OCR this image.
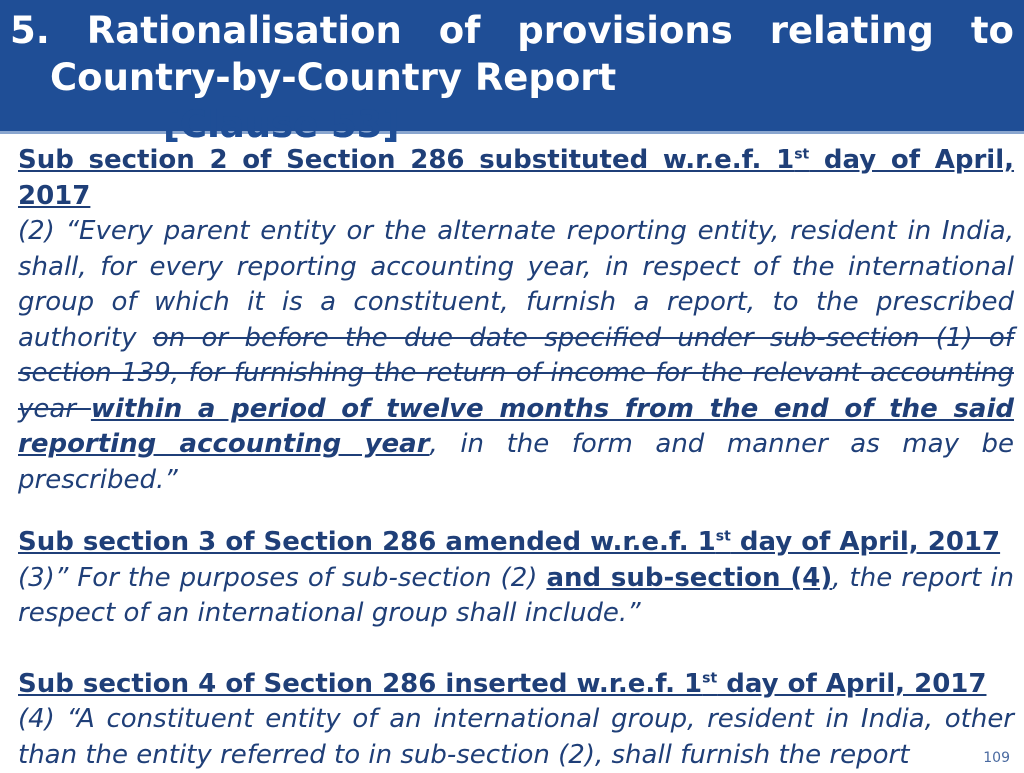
5. Rationalisation of provisions relating to
Country-by-Country Report
[Clause 53]
Sub section 2 of Section 286 substituted w.r.e.f. 1st day of April, 2017

(2) “Every parent entity or the alternate reporting entity, resident in India, shall, for every reporting accounting year, in respect of the international group of which it is a constituent, furnish a report, to the prescribed authority on or before the due date specified under sub-section (1) of section 139, for furnishing the return of income for the relevant accounting year within a period of twelve months from the end of the said reporting accounting year, in the form and manner as may be prescribed.”

Sub section 3 of Section 286 amended w.r.e.f. 1st day of April, 2017

(3)” For the purposes of sub-section (2) and sub-section (4), the report in respect of an international group shall include.”

Sub section 4 of Section 286 inserted w.r.e.f. 1st day of April, 2017

(4) “A constituent entity of an international group, resident in India, other than the entity referred to in sub-section (2), shall furnish the report	109
